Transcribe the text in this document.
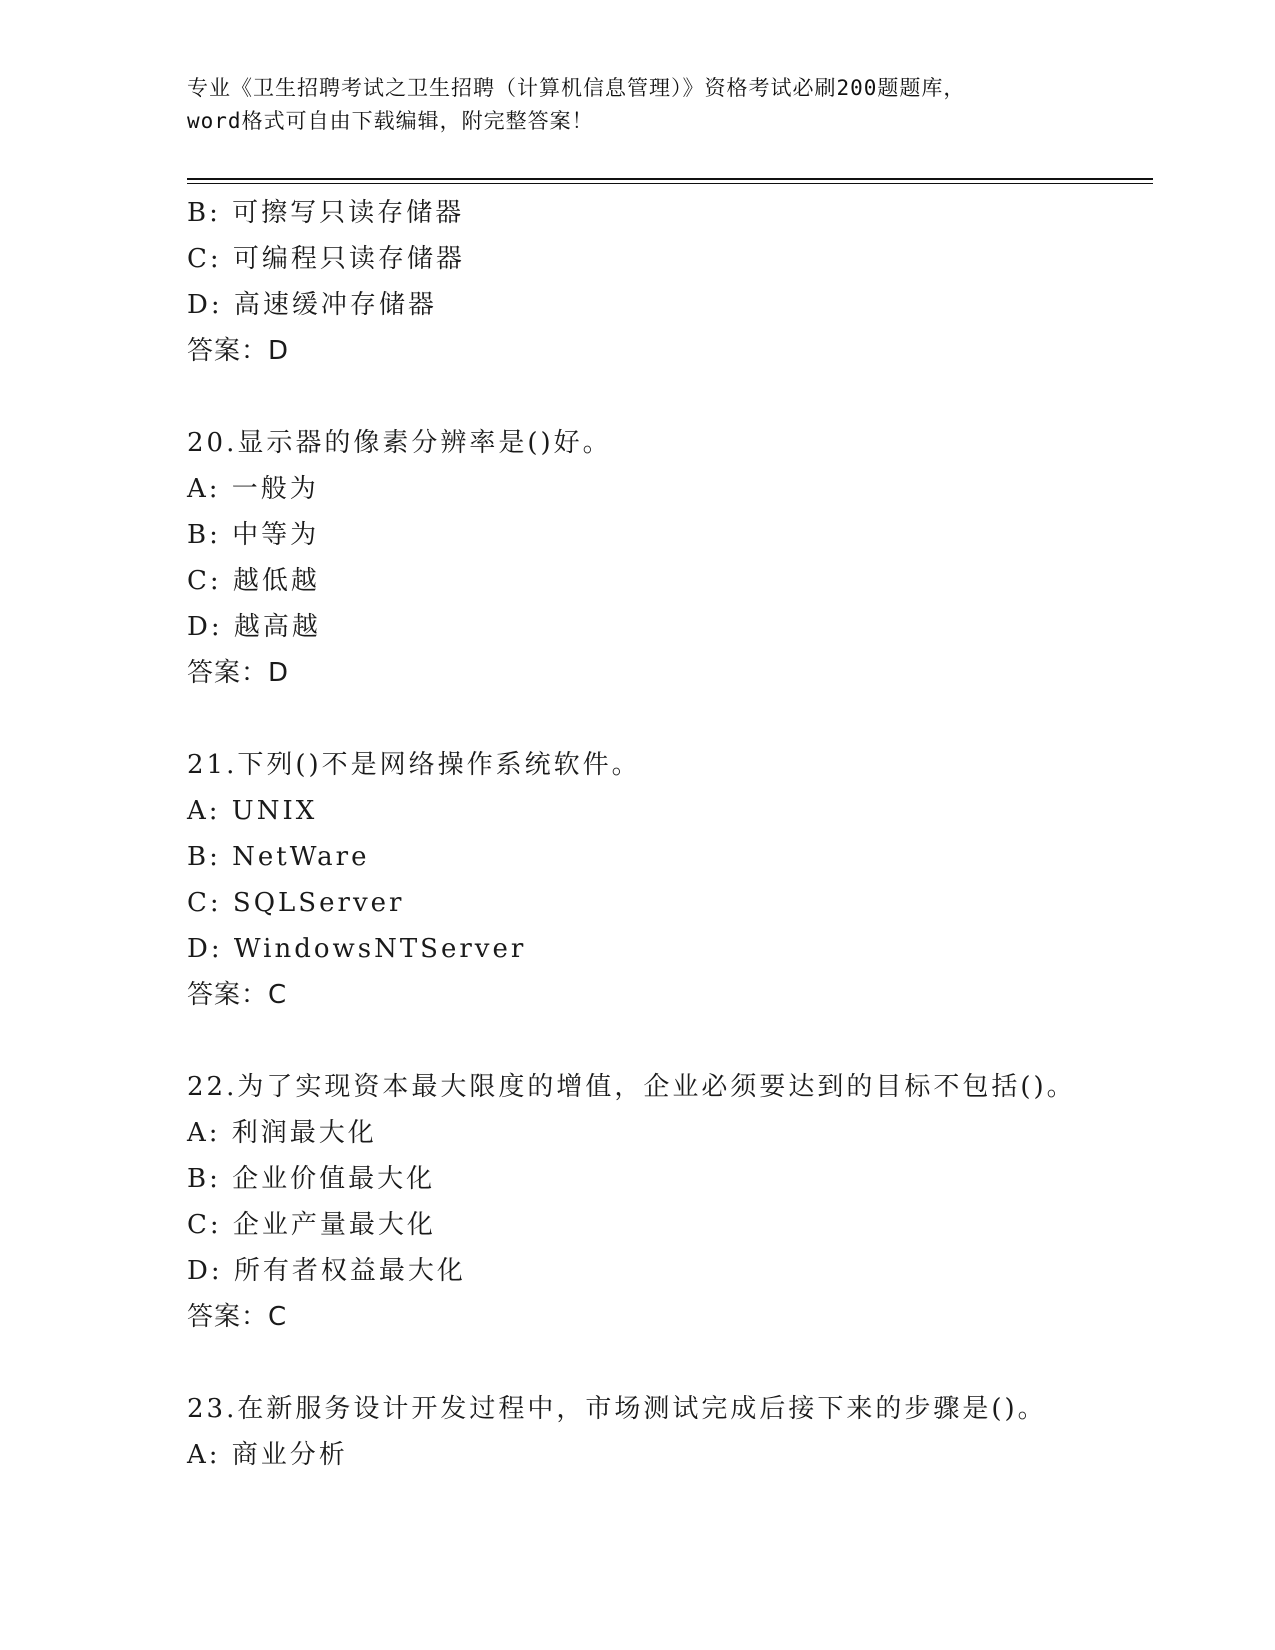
专业《卫生招聘考试之卫生招聘（计算机信息管理）》资格考试必刷200题题库，
word格式可自由下载编辑，附完整答案！
B: 可擦写只读存储器
C: 可编程只读存储器
D: 高速缓冲存储器
答案：D
20.显示器的像素分辨率是()好。
A: 一般为
B: 中等为
C: 越低越
D: 越高越
答案：D
21.下列()不是网络操作系统软件。
A: UNIX
B: NetWare
C: SQLServer
D: WindowsNTServer
答案：C
22.为了实现资本最大限度的增值，企业必须要达到的目标不包括()。
A: 利润最大化
B: 企业价值最大化
C: 企业产量最大化
D: 所有者权益最大化
答案：C
23.在新服务设计开发过程中，市场测试完成后接下来的步骤是()。
A: 商业分析
